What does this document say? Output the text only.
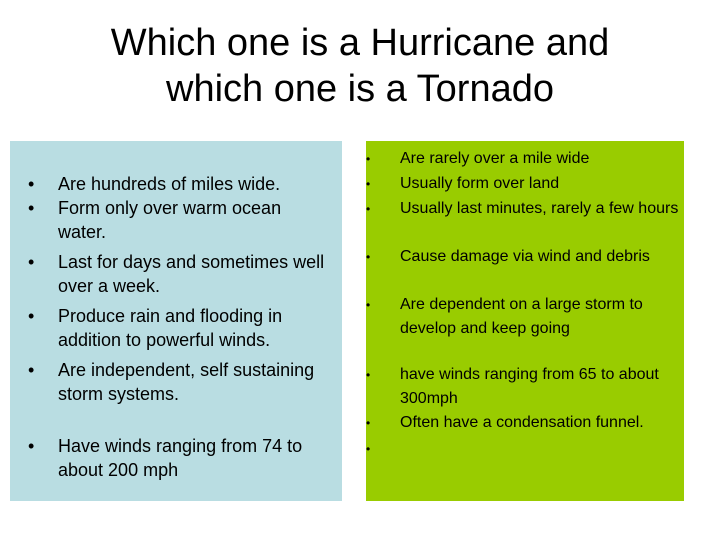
Which one is a Hurricane and
which one is a Tornado
• Are hundreds of miles wide.
• Form only over warm ocean water.
• Last for days and sometimes well over a week.
• Produce rain and flooding in addition to powerful winds.
• Are independent, self sustaining storm systems.
• Have winds ranging from 74 to about 200 mph
• Are rarely over a mile wide
• Usually form over land
• Usually last minutes, rarely a few hours
• Cause damage via wind and debris
• Are dependent on a large storm to develop and keep going
• have winds ranging from 65 to about 300mph
• Often have a condensation funnel.
•
